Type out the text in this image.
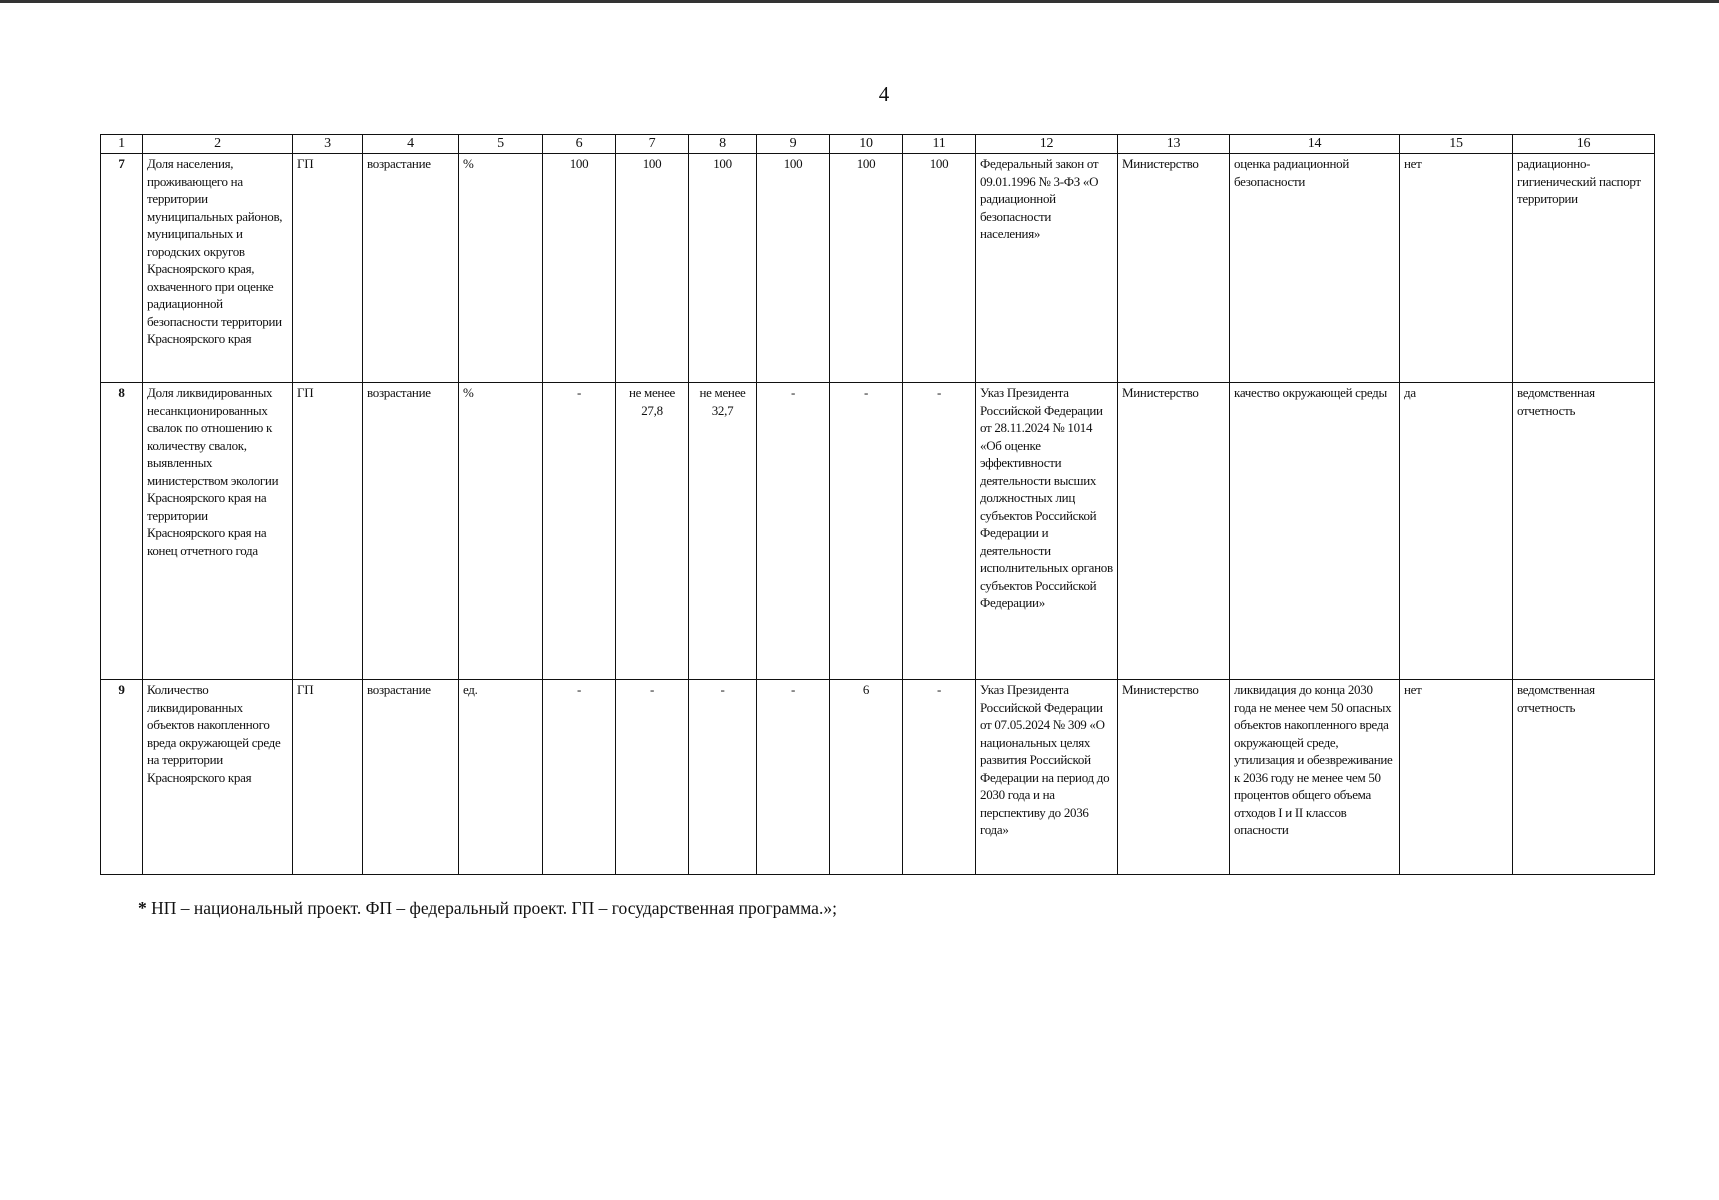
4
1	2	3	4	5	6	7	8	9	10	11	12	13	14	15	16
7	Доля населения, проживающего на территории муниципальных районов, муниципальных и городских округов Красноярского края, охваченного при оценке радиационной безопасности территории Красноярского края	ГП	возрастание	%	100	100	100	100	100	100	Федеральный закон от 09.01.1996 № 3-ФЗ «О радиационной безопасности населения»	Министерство	оценка радиационной безопасности	нет	радиационно-гигиенический паспорт территории
8	Доля ликвидированных несанкционированных свалок по отношению к количеству свалок, выявленных министерством экологии Красноярского края на территории Красноярского края на конец отчетного года	ГП	возрастание	%	-	не менее 27,8	не менее 32,7	-	-	-	Указ Президента Российской Федерации от 28.11.2024 № 1014 «Об оценке эффективности деятельности высших должностных лиц субъектов Российской Федерации и деятельности исполнительных органов субъектов Российской Федерации»	Министерство	качество окружающей среды	да	ведомственная отчетность
9	Количество ликвидированных объектов накопленного вреда окружающей среде на территории Красноярского края	ГП	возрастание	ед.	-	-	-	-	6	-	Указ Президента Российской Федерации от 07.05.2024 № 309 «О национальных целях развития Российской Федерации на период до 2030 года и на перспективу до 2036 года»	Министерство	ликвидация до конца 2030 года не менее чем 50 опасных объектов накопленного вреда окружающей среде, утилизация и обезвреживание к 2036 году не менее чем 50 процентов общего объема отходов I и II классов опасности	нет	ведомственная отчетность
* НП – национальный проект. ФП – федеральный проект. ГП – государственная программа.»;
